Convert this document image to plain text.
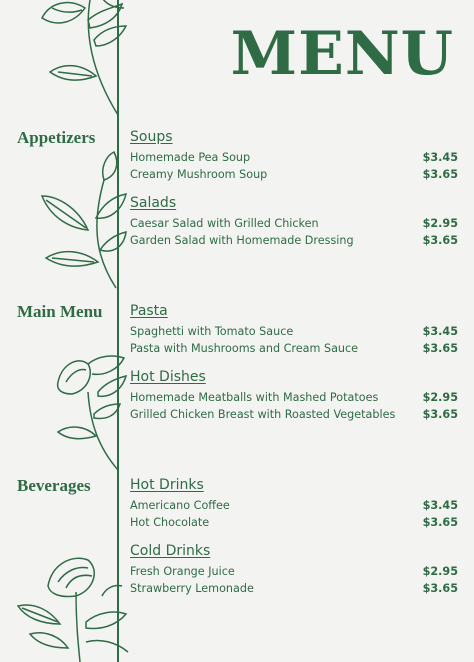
MENU
Appetizers
Main Menu
Beverages
Soups
Homemade Pea Soup	$3.45
Creamy Mushroom Soup	$3.65
Salads
Caesar Salad with Grilled Chicken	$2.95
Garden Salad with Homemade Dressing	$3.65
Pasta
Spaghetti with Tomato Sauce	$3.45
Pasta with Mushrooms and Cream Sauce	$3.65
Hot Dishes
Homemade Meatballs with Mashed Potatoes	$2.95
Grilled Chicken Breast with Roasted Vegetables $3.65
Hot Drinks
Americano Coffee	$3.45
Hot Chocolate	$3.65
Cold Drinks
Fresh Orange Juice	$2.95
Strawberry Lemonade	$3.65
